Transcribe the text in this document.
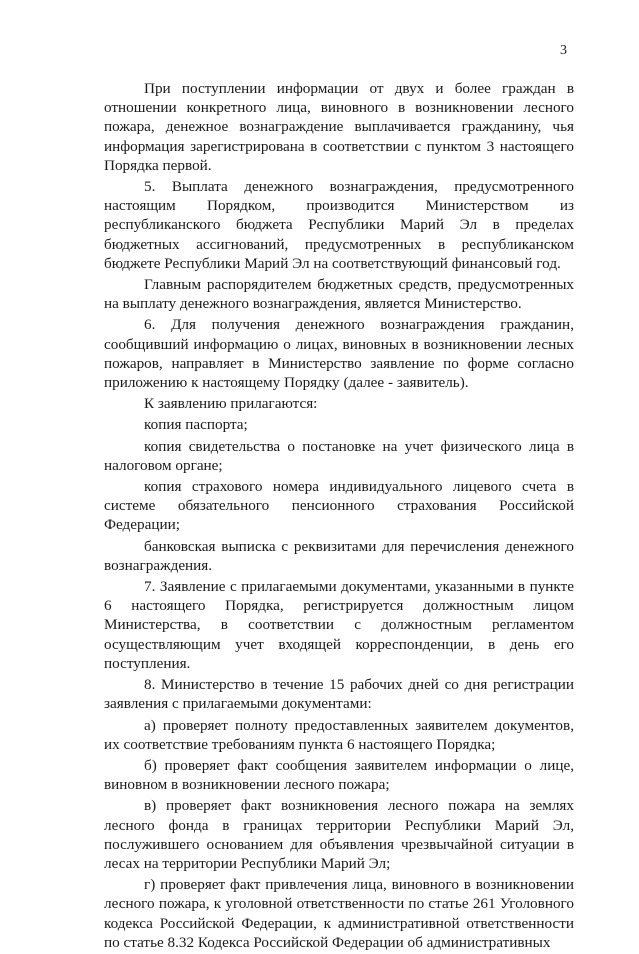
3

При поступлении информации от двух и более граждан в отношении конкретного лица, виновного в возникновении лесного пожара, денежное вознаграждение выплачивается гражданину, чья информация зарегистрирована в соответствии с пунктом 3 настоящего Порядка первой.

5. Выплата денежного вознаграждения, предусмотренного настоящим Порядком, производится Министерством из республиканского бюджета Республики Марий Эл в пределах бюджетных ассигнований, предусмотренных в республиканском бюджете Республики Марий Эл на соответствующий финансовый год.

Главным распорядителем бюджетных средств, предусмотренных на выплату денежного вознаграждения, является Министерство.

6. Для получения денежного вознаграждения гражданин, сообщивший информацию о лицах, виновных в возникновении лесных пожаров, направляет в Министерство заявление по форме согласно приложению к настоящему Порядку (далее - заявитель).

К заявлению прилагаются:

копия паспорта;

копия свидетельства о постановке на учет физического лица в налоговом органе;

копия страхового номера индивидуального лицевого счета в системе обязательного пенсионного страхования Российской Федерации;

банковская выписка с реквизитами для перечисления денежного вознаграждения.

7. Заявление с прилагаемыми документами, указанными в пункте 6 настоящего Порядка, регистрируется должностным лицом Министерства, в соответствии с должностным регламентом осуществляющим учет входящей корреспонденции, в день его поступления.

8. Министерство в течение 15 рабочих дней со дня регистрации заявления с прилагаемыми документами:

а) проверяет полноту предоставленных заявителем документов, их соответствие требованиям пункта 6 настоящего Порядка;

б) проверяет факт сообщения заявителем информации о лице, виновном в возникновении лесного пожара;

в) проверяет факт возникновения лесного пожара на землях лесного фонда в границах территории Республики Марий Эл, послужившего основанием для объявления чрезвычайной ситуации в лесах на территории Республики Марий Эл;

г) проверяет факт привлечения лица, виновного в возникновении лесного пожара, к уголовной ответственности по статье 261 Уголовного кодекса Российской Федерации, к административной ответственности по статье 8.32 Кодекса Российской Федерации об административных
